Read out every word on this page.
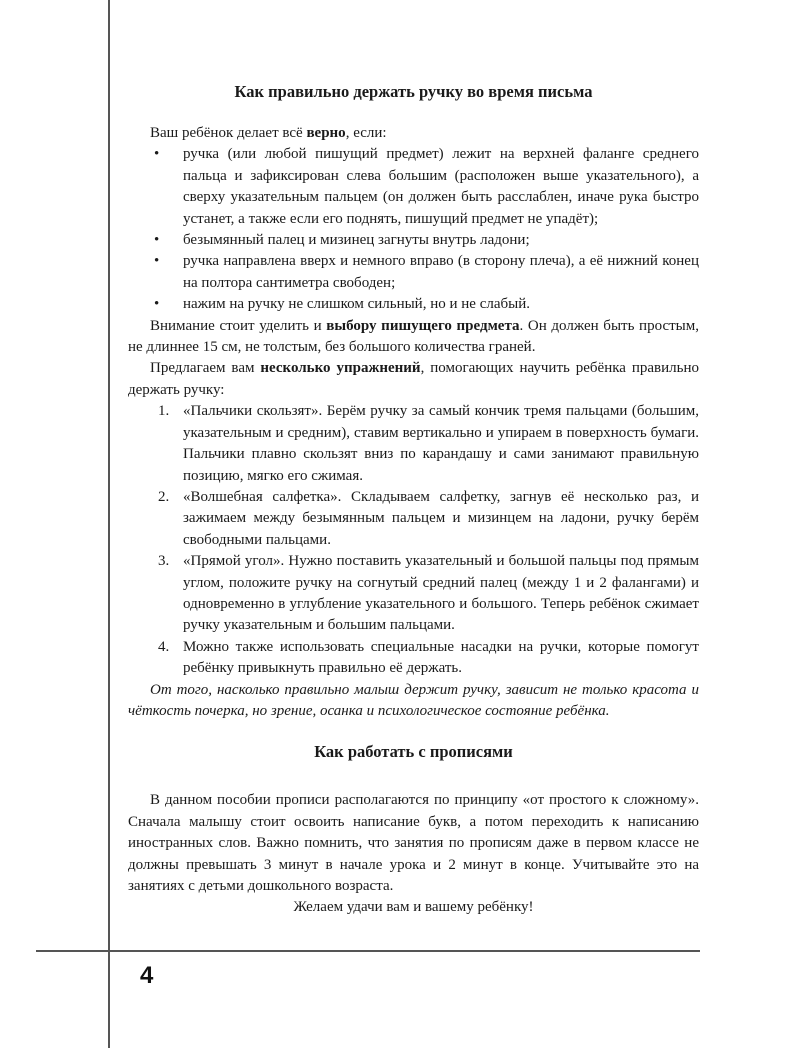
4
Как правильно держать ручку во время письма

Ваш ребёнок делает всё верно, если:

• ручка (или любой пишущий предмет) лежит на верхней фаланге среднего пальца и зафиксирован слева большим (расположен выше указательного), а сверху указательным пальцем (он должен быть расслаблен, иначе рука быстро устанет, а также если его поднять, пишущий предмет не упадёт);
• безымянный палец и мизинец загнуты внутрь ладони;
• ручка направлена вверх и немного вправо (в сторону плеча), а её нижний конец на полтора сантиметра свободен;
• нажим на ручку не слишком сильный, но и не слабый.

Внимание стоит уделить и выбору пишущего предмета. Он должен быть простым, не длиннее 15 см, не толстым, без большого количества граней.

Предлагаем вам несколько упражнений, помогающих научить ребёнка правильно держать ручку:

1. «Пальчики скользят». Берём ручку за самый кончик тремя пальцами (большим, указательным и средним), ставим вертикально и упираем в поверхность бумаги. Пальчики плавно скользят вниз по карандашу и сами занимают правильную позицию, мягко его сжимая.
2. «Волшебная салфетка». Складываем салфетку, загнув её несколько раз, и зажимаем между безымянным пальцем и мизинцем на ладони, ручку берём свободными пальцами.
3. «Прямой угол». Нужно поставить указательный и большой пальцы под прямым углом, положите ручку на согнутый средний палец (между 1 и 2 фалангами) и одновременно в углубление указательного и большого. Теперь ребёнок сжимает ручку указательным и большим пальцами.
4. Можно также использовать специальные насадки на ручки, которые помогут ребёнку привыкнуть правильно её держать.

От того, насколько правильно малыш держит ручку, зависит не только красота и чёткость почерка, но зрение, осанка и психологическое состояние ребёнка.

Как работать с прописями

В данном пособии прописи располагаются по принципу «от простого к сложному». Сначала малышу стоит освоить написание букв, а потом переходить к написанию иностранных слов. Важно помнить, что занятия по прописям даже в первом классе не должны превышать 3 минут в начале урока и 2 минут в конце. Учитывайте это на занятиях с детьми дошкольного возраста.

Желаем удачи вам и вашему ребёнку!
